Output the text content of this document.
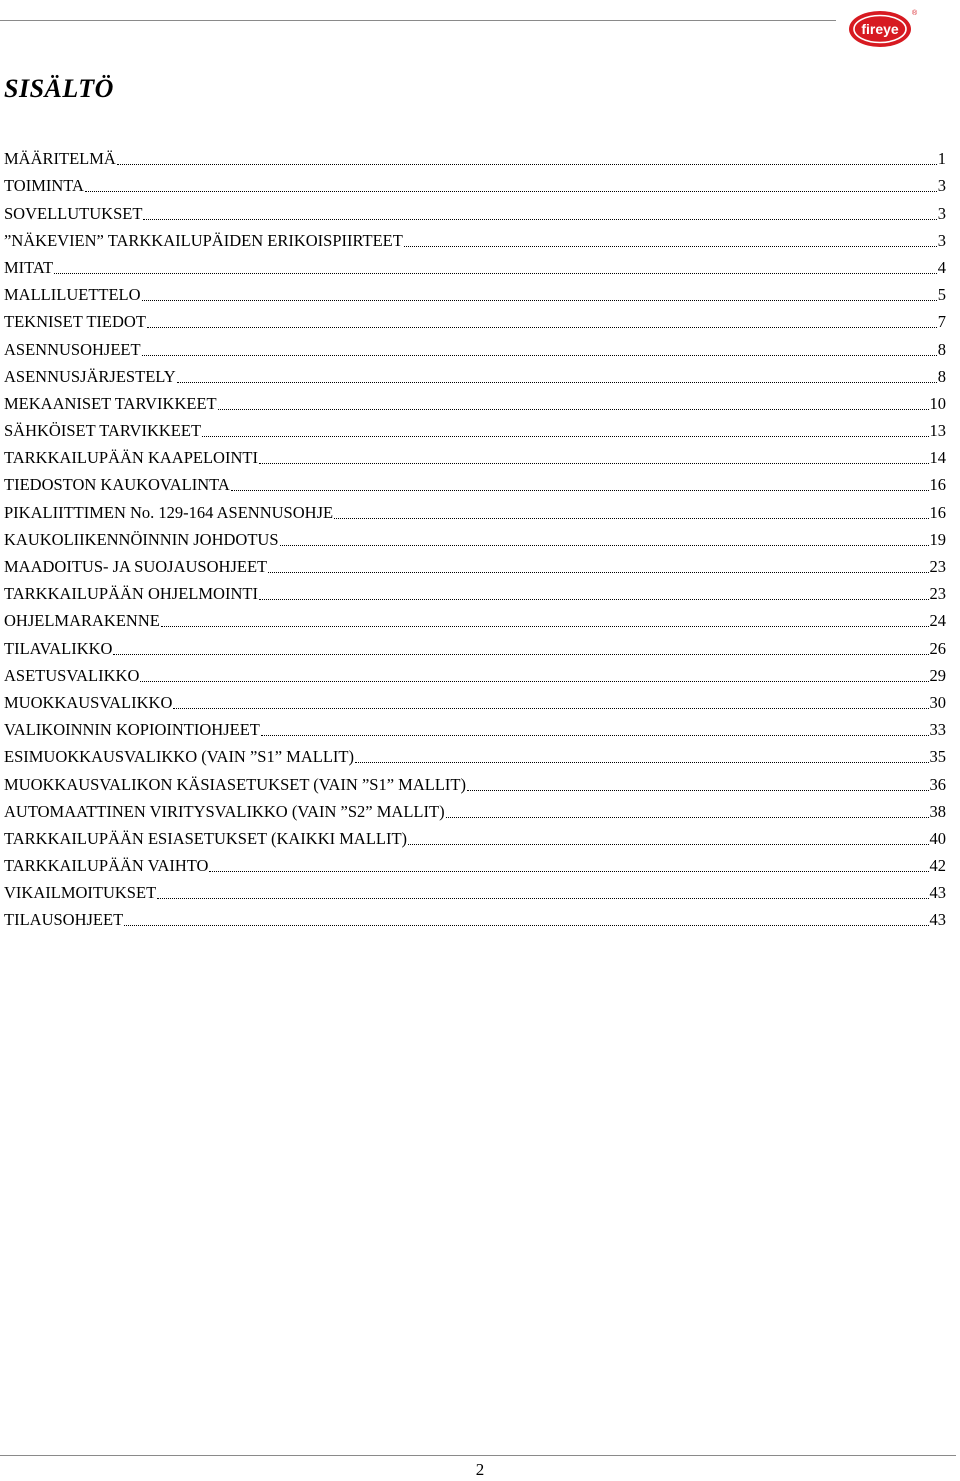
fireye
®
SISÄLTÖ
MÄÄRITELMÄ	1
TOIMINTA	3
SOVELLUTUKSET	3
”NÄKEVIEN” TARKKAILUPÄIDEN ERIKOISPIIRTEET	3
MITAT	4
MALLILUETTELO	5
TEKNISET TIEDOT	7
ASENNUSOHJEET	8
ASENNUSJÄRJESTELY	8
MEKAANISET TARVIKKEET	10
SÄHKÖISET TARVIKKEET	13
TARKKAILUPÄÄN KAAPELOINTI	14
TIEDOSTON KAUKOVALINTA	16
PIKALIITTIMEN No. 129-164 ASENNUSOHJE	16
KAUKOLIIKENNÖINNIN JOHDOTUS	19
MAADOITUS- JA SUOJAUSOHJEET	23
TARKKAILUPÄÄN OHJELMOINTI	23
OHJELMARAKENNE	24
TILAVALIKKO	26
ASETUSVALIKKO	29
MUOKKAUSVALIKKO	30
VALIKOINNIN KOPIOINTIOHJEET	33
ESIMUOKKAUSVALIKKO (VAIN ”S1” MALLIT)	35
MUOKKAUSVALIKON KÄSIASETUKSET (VAIN ”S1” MALLIT)	36
AUTOMAATTINEN VIRITYSVALIKKO (VAIN ”S2” MALLIT)	38
TARKKAILUPÄÄN ESIASETUKSET (KAIKKI MALLIT)	40
TARKKAILUPÄÄN VAIHTO	42
VIKAILMOITUKSET	43
TILAUSOHJEET	43
2
